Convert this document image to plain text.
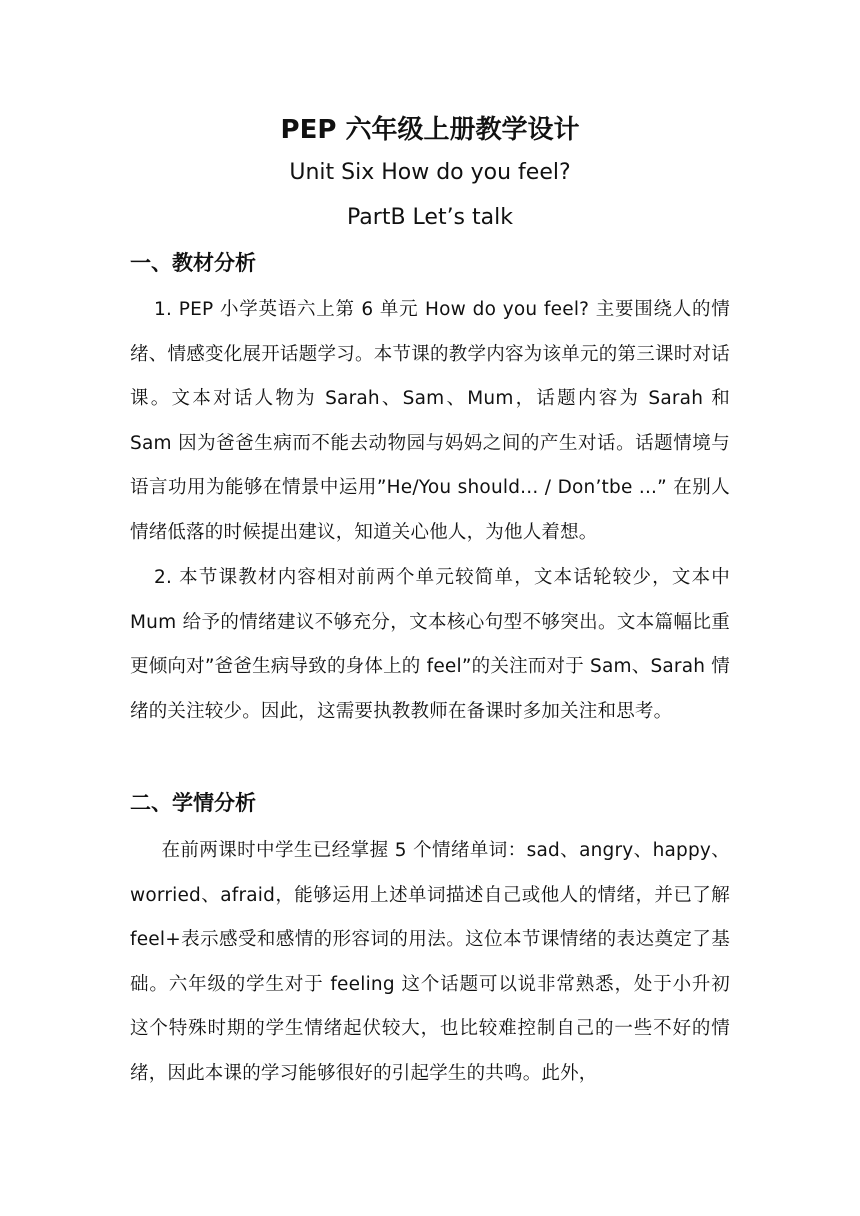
PEP 六年级上册教学设计
Unit Six How do you feel?
PartB Let’s talk
一、教材分析

1. PEP 小学英语六上第 6 单元 How do you feel? 主要围绕人的情绪、情感变化展开话题学习。本节课的教学内容为该单元的第三课时对话课。文本对话人物为 Sarah、Sam、Mum，话题内容为 Sarah 和 Sam 因为爸爸生病而不能去动物园与妈妈之间的产生对话。话题情境与语言功用为能够在情景中运用”He/You should... / Don’tbe ...” 在别人情绪低落的时候提出建议，知道关心他人，为他人着想。

2. 本节课教材内容相对前两个单元较简单，文本话轮较少，文本中 Mum 给予的情绪建议不够充分，文本核心句型不够突出。文本篇幅比重更倾向对”爸爸生病导致的身体上的 feel”的关注而对于 Sam、Sarah 情绪的关注较少。因此，这需要执教教师在备课时多加关注和思考。

二、学情分析

在前两课时中学生已经掌握 5 个情绪单词：sad、angry、happy、worried、afraid，能够运用上述单词描述自己或他人的情绪，并已了解 feel+表示感受和感情的形容词的用法。这位本节课情绪的表达奠定了基础。六年级的学生对于 feeling 这个话题可以说非常熟悉，处于小升初这个特殊时期的学生情绪起伏较大，也比较难控制自己的一些不好的情绪，因此本课的学习能够很好的引起学生的共鸣。此外，
